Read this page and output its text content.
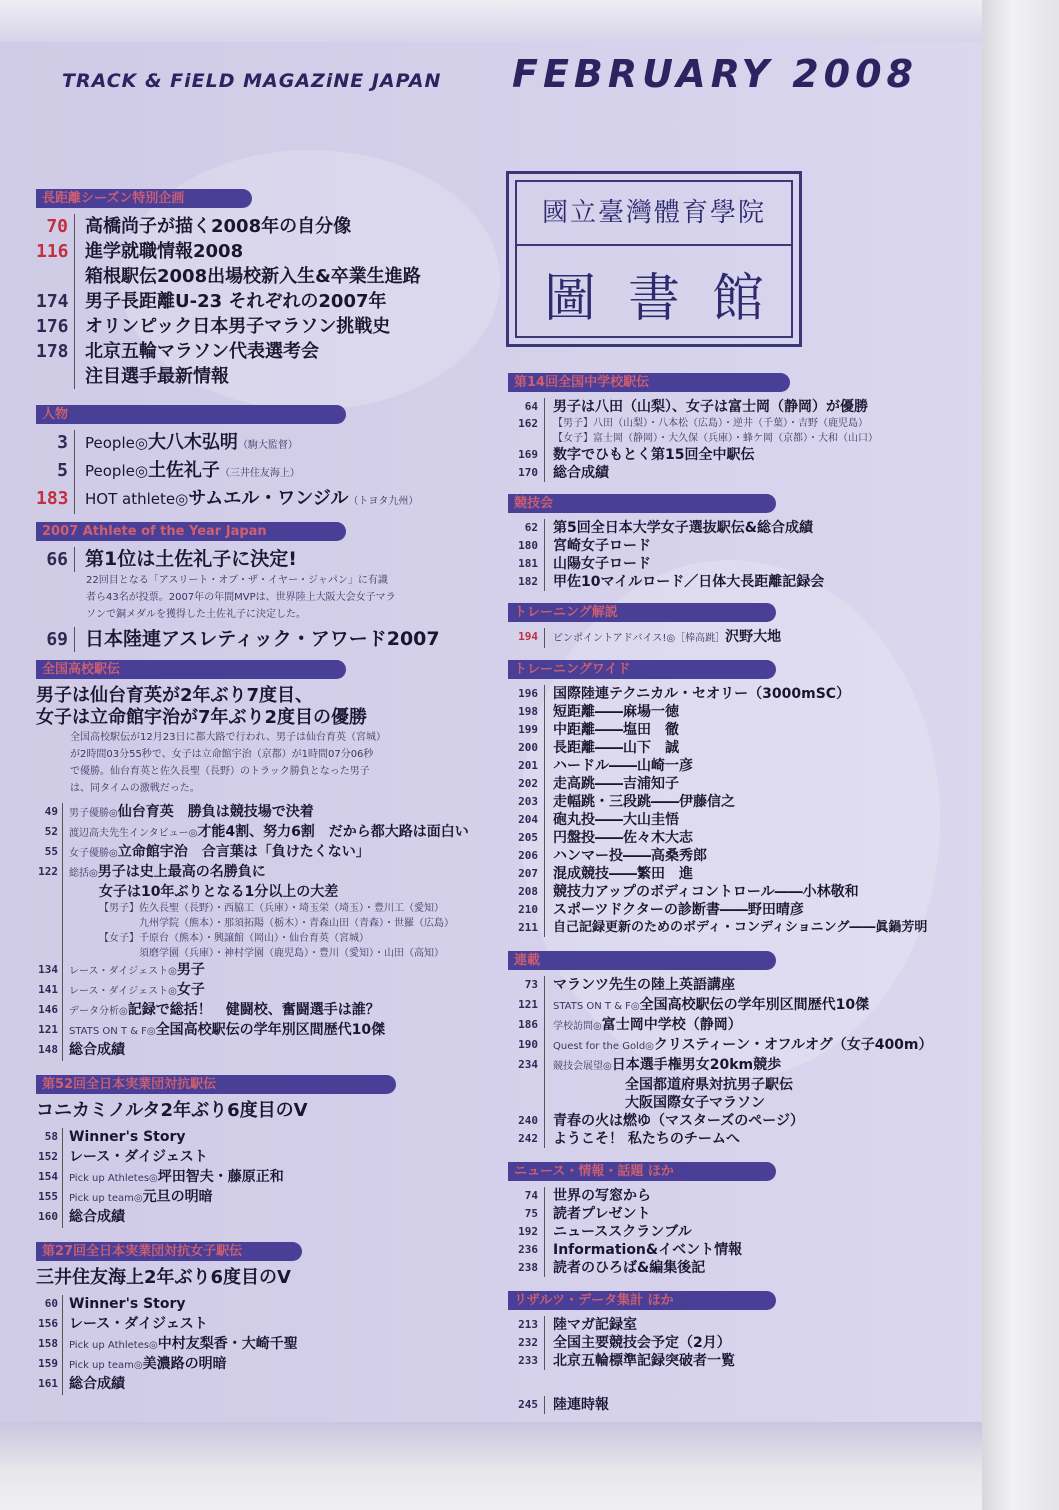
TRACK & FiELD MAGAZiNE JAPAN FEBRUARY 2008
國立臺灣體育學院
圖書館
長距離シーズン特別企画
70 高橋尚子が描く2008年の自分像
116 進学就職情報2008
箱根駅伝2008出場校新入生&卒業生進路
174 男子長距離U-23 それぞれの2007年
176 オリンピック日本男子マラソン挑戦史
178 北京五輪マラソン代表選考会
注目選手最新情報
人物
3 People◎大八木弘明（駒大監督）
5 People◎土佐礼子（三井住友海上）
183 HOT athlete◎サムエル・ワンジル（トヨタ九州）
2007 Athlete of the Year Japan
66 第1位は土佐礼子に決定!
22回目となる「アスリート・オブ・ザ・イヤー・ジャパン」に有識
者ら43名が投票。2007年の年間MVPは、世界陸上大阪大会女子マラ
ソンで銅メダルを獲得した土佐礼子に決定した。
69 日本陸連アスレティック・アワード2007
全国高校駅伝
男子は仙台育英が2年ぶり7度目、
女子は立命館宇治が7年ぶり2度目の優勝
全国高校駅伝が12月23日に都大路で行われ、男子は仙台育英（宮城）
が2時間03分55秒で、女子は立命館宇治（京都）が1時間07分06秒
で優勝。仙台育英と佐久長聖（長野）のトラック勝負となった男子
は、同タイムの激戦だった。
49 男子優勝◎仙台育英　勝負は競技場で決着
52 渡辺高夫先生インタビュー◎才能4割、努力6割　だから都大路は面白い
55 女子優勝◎立命館宇治　合言葉は「負けたくない」
122 総括◎男子は史上最高の名勝負に
女子は10年ぶりとなる1分以上の大差
【男子】佐久長聖（長野）・西脇工（兵庫）・埼玉栄（埼玉）・豊川工（愛知）
九州学院（熊本）・那須拓陽（栃木）・青森山田（青森）・世羅（広島）
【女子】千原台（熊本）・興譲館（岡山）・仙台育英（宮城）
須磨学園（兵庫）・神村学園（鹿児島）・豊川（愛知）・山田（高知）
134 レース・ダイジェスト◎男子
141 レース・ダイジェスト◎女子
146 データ分析◎記録で総括！　健闘校、奮闘選手は誰？
121 STATS ON T & F◎全国高校駅伝の学年別区間歴代10傑
148 総合成績
第52回全日本実業団対抗駅伝
コニカミノルタ2年ぶり6度目のV
58 Winner's Story
152 レース・ダイジェスト
154 Pick up Athletes◎坪田智夫・藤原正和
155 Pick up team◎元旦の明暗
160 総合成績
第27回全日本実業団対抗女子駅伝
三井住友海上2年ぶり6度目のV
60 Winner's Story
156 レース・ダイジェスト
158 Pick up Athletes◎中村友梨香・大崎千聖
159 Pick up team◎美濃路の明暗
161 総合成績
第14回全国中学校駅伝
64 男子は八田（山梨）、女子は富士岡（静岡）が優勝
162 【男子】八田（山梨）・八本松（広島）・逆井（千葉）・吉野（鹿児島）
【女子】富士岡（静岡）・大久保（兵庫）・蜂ケ岡（京都）・大和（山口）
169 数字でひもとく第15回全中駅伝
170 総合成績
競技会
62 第5回全日本大学女子選抜駅伝&総合成績
180 宮崎女子ロード
181 山陽女子ロード
182 甲佐10マイルロード／日体大長距離記録会
トレーニング解説
194 ピンポイントアドバイス!◎［棒高跳］沢野大地
トレーニングワイド
196 国際陸連テクニカル・セオリー（3000mSC）
198 短距離――麻場一徳
199 中距離――塩田　徹
200 長距離――山下　誠
201 ハードル――山崎一彦
202 走高跳――吉浦知子
203 走幅跳・三段跳――伊藤信之
204 砲丸投――大山圭悟
205 円盤投――佐々木大志
206 ハンマー投――高桑秀郎
207 混成競技――繁田　進
208 競技力アップのボディコントロール――小林敬和
210 スポーツドクターの診断書――野田晴彦
211 自己記録更新のためのボディ・コンディショニング――眞鍋芳明
連載
73 マランツ先生の陸上英語講座
121 STATS ON T & F◎全国高校駅伝の学年別区間歴代10傑
186 学校訪問◎富士岡中学校（静岡）
190 Quest for the Gold◎クリスティーン・オフルオグ（女子400m）
234 競技会展望◎日本選手権男女20km競歩
全国都道府県対抗男子駅伝
大阪国際女子マラソン
240 青春の火は燃ゆ（マスターズのページ）
242 ようこそ！ 私たちのチームへ
ニュース・情報・話題 ほか
74 世界の写窓から
75 読者プレゼント
192 ニューススクランブル
236 Information&イベント情報
238 読者のひろば&編集後記
リザルツ・データ集計 ほか
213 陸マガ記録室
232 全国主要競技会予定（2月）
233 北京五輪標準記録突破者一覧
245 陸連時報
